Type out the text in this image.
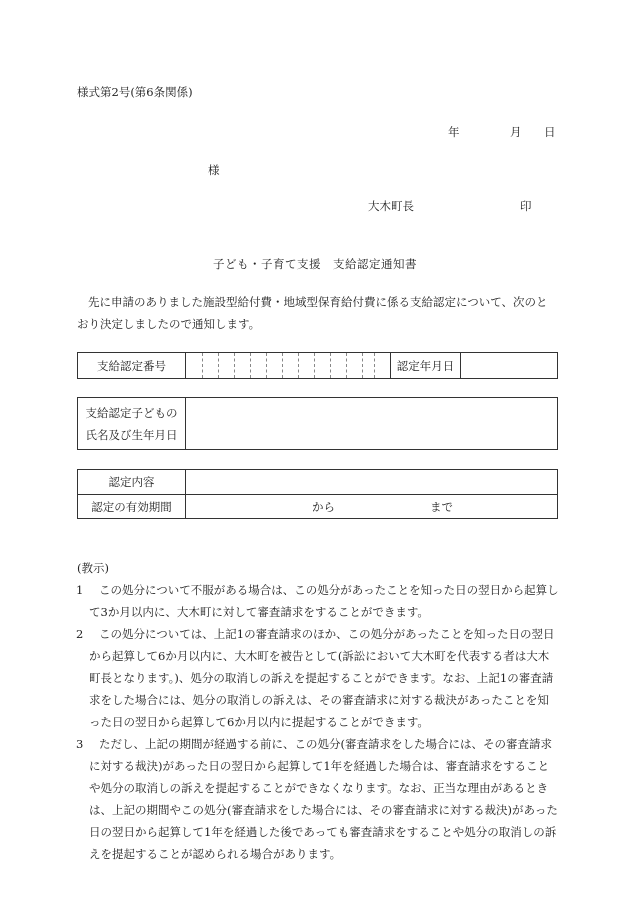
様式第2号(第6条関係)
年	月 日
様
大木町長	印
子ども・子育て支援　支給認定通知書
先に申請のありました施設型給付費・地域型保育給付費に係る支給認定について、次のとおり決定しましたので通知します。
支給認定番号	認定年月日
支給認定子どもの
氏名及び生年月日
認定内容
認定の有効期間	から	まで
(教示)
1	この処分について不服がある場合は、この処分があったことを知った日の翌日から起算して3か月以内に、大木町に対して審査請求をすることができます。
2	この処分については、上記1の審査請求のほか、この処分があったことを知った日の翌日から起算して6か月以内に、大木町を被告として(訴訟において大木町を代表する者は大木町長となります。)、処分の取消しの訴えを提起することができます。なお、上記1の審査請求をした場合には、処分の取消しの訴えは、その審査請求に対する裁決があったことを知った日の翌日から起算して6か月以内に提起することができます。
3	ただし、上記の期間が経過する前に、この処分(審査請求をした場合には、その審査請求に対する裁決)があった日の翌日から起算して1年を経過した場合は、審査請求をすることや処分の取消しの訴えを提起することができなくなります。なお、正当な理由があるときは、上記の期間やこの処分(審査請求をした場合には、その審査請求に対する裁決)があった日の翌日から起算して1年を経過した後であっても審査請求をすることや処分の取消しの訴えを提起することが認められる場合があります。
